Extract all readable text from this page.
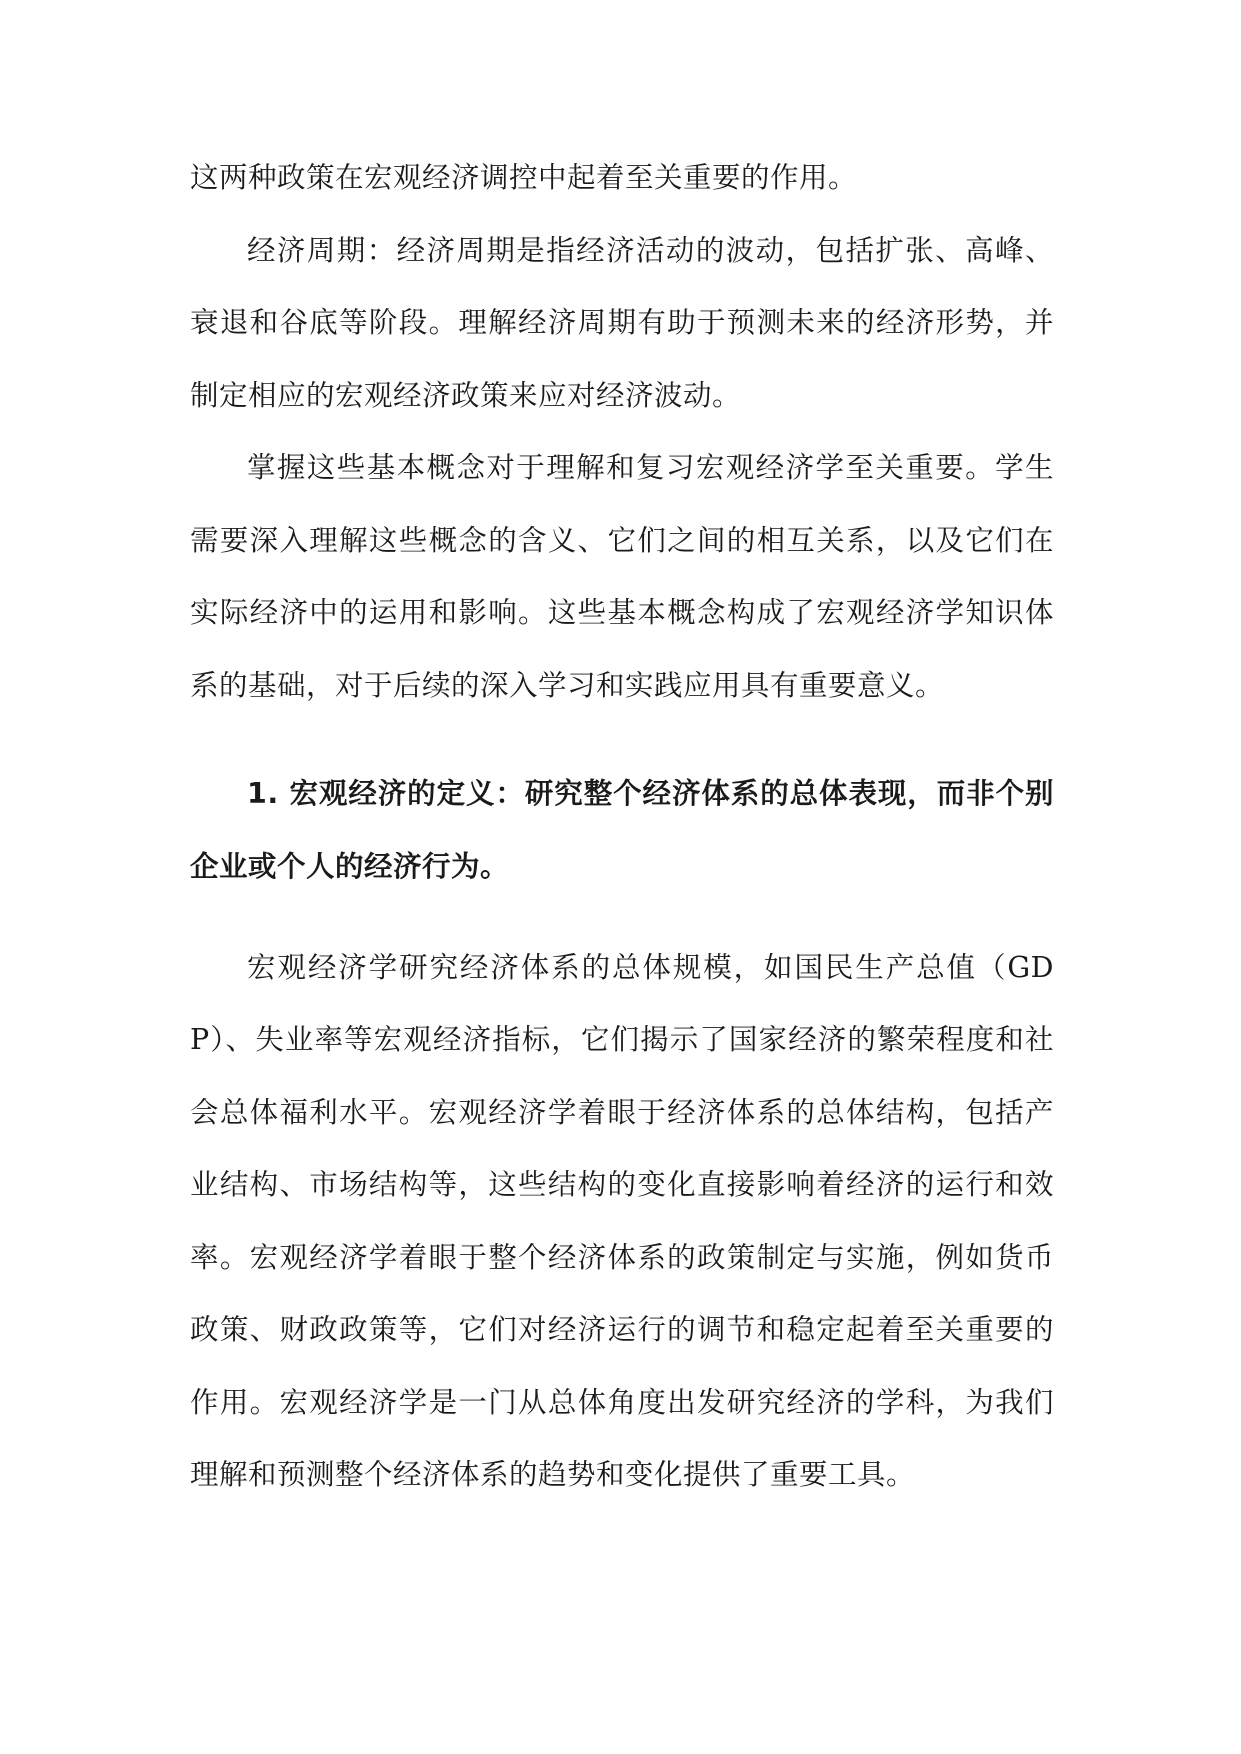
这两种政策在宏观经济调控中起着至关重要的作用。

经济周期：经济周期是指经济活动的波动，包括扩张、高峰、衰退和谷底等阶段。理解经济周期有助于预测未来的经济形势，并制定相应的宏观经济政策来应对经济波动。

掌握这些基本概念对于理解和复习宏观经济学至关重要。学生需要深入理解这些概念的含义、它们之间的相互关系，以及它们在实际经济中的运用和影响。这些基本概念构成了宏观经济学知识体系的基础，对于后续的深入学习和实践应用具有重要意义。

1. 宏观经济的定义：研究整个经济体系的总体表现，而非个别企业或个人的经济行为。

宏观经济学研究经济体系的总体规模，如国民生产总值（GDP）、失业率等宏观经济指标，它们揭示了国家经济的繁荣程度和社会总体福利水平。宏观经济学着眼于经济体系的总体结构，包括产业结构、市场结构等，这些结构的变化直接影响着经济的运行和效率。宏观经济学着眼于整个经济体系的政策制定与实施，例如货币政策、财政政策等，它们对经济运行的调节和稳定起着至关重要的作用。宏观经济学是一门从总体角度出发研究经济的学科，为我们理解和预测整个经济体系的趋势和变化提供了重要工具。
